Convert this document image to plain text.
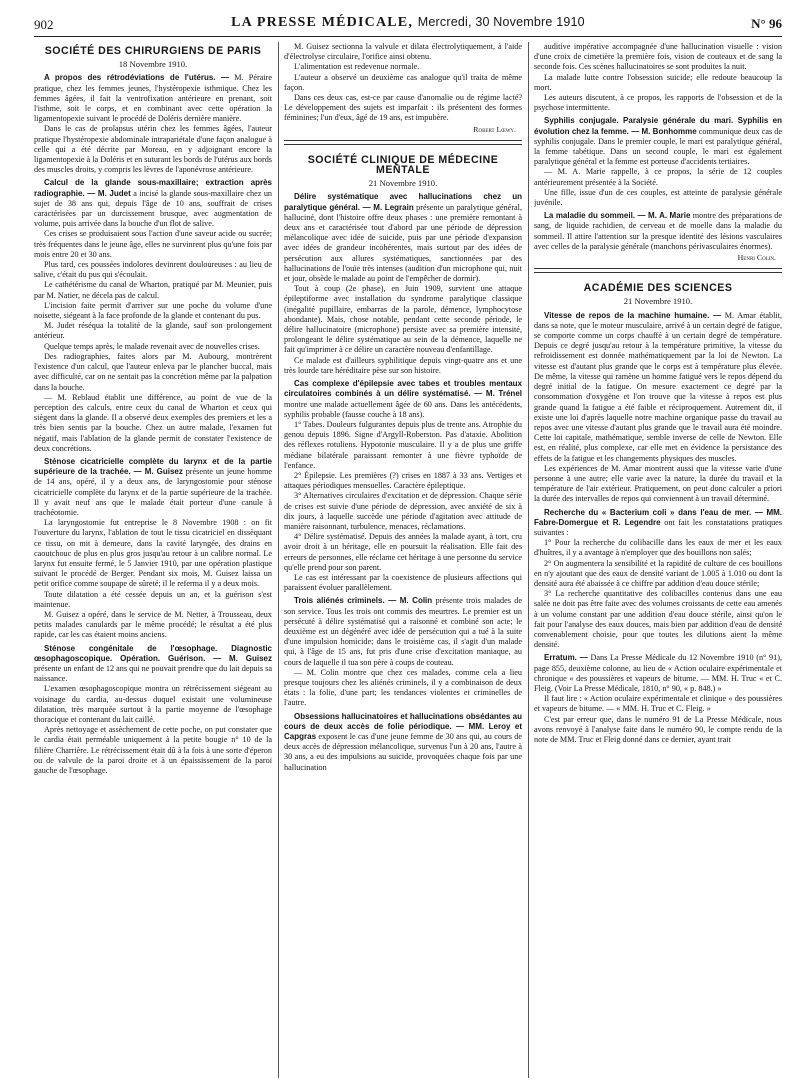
902	LA PRESSE MÉDICALE, Mercredi, 30 Novembre 1910	N° 96
SOCIÉTÉ DES CHIRURGIENS DE PARIS
18 Novembre 1910.

A propos des rétrodéviations de l'utérus. — M. Péraire pratique, chez les femmes jeunes, l'hystéropexie isthmique. Chez les femmes âgées, il fait la ventrofixation antérieure en prenant, soit l'isthme, soit le corps, et en combinant avec cette opération la ligamentopexie suivant le procédé de Doléris dernière manière.

Dans le cas de prolapsus utérin chez les femmes âgées, l'auteur pratique l'hystéropexie abdominale intrapariétale d'une façon analogue à celle qui a été décrite par Moreau, en y adjoignant encore la ligamentopexie à la Doléris et en suturant les bords de l'utérus aux bords des muscles droits, y compris les lèvres de l'aponévrose antérieure.

Calcul de la glande sous-maxillaire; extraction après radiographie. — M. Judet a incisé la glande sous-maxillaire chez un sujet de 38 ans qui, depuis l'âge de 10 ans, souffrait de crises caractérisées par un durcissement brusque, avec augmentation de volume, puis arrivée dans la bouche d'un flot de salive.

Ces crises se produisaient sous l'action d'une saveur acide ou sucrée; très fréquentes dans le jeune âge, elles ne survinrent plus qu'une fois par mois entre 20 et 30 ans.

Plus tard, ces poussées indolores devinrent douloureuses : au lieu de salive, c'était du pus qui s'écoulait.

Le cathétérisme du canal de Wharton, pratiqué par M. Meunier, puis par M. Natier, ne décela pas de calcul.

L'incision faite permit d'arriver sur une poche du volume d'une noisette, siégeant à la face profonde de la glande et contenant du pus.

M. Judet réséqua la totalité de la glande, sauf son prolongement antérieur.

Quelque temps après, le malade revenait avec de nouvelles crises.

Des radiographies, faites alors par M. Aubourg, montrèrent l'existence d'un calcul, que l'auteur enleva par le plancher buccal, mais avec difficulté, car on ne sentait pas la concrétion même par la palpation dans la bouche.

— M. Reblaud établit une différence, au point de vue de la perception des calculs, entre ceux du canal de Wharton et ceux qui siègent dans la glande. Il a observé deux exemples des premiers et les a très bien sentis par la bouche. Chez un autre malade, l'examen fut négatif, mais l'ablation de la glande permit de constater l'existence de deux concrétions.

Sténose cicatricielle complète du larynx et de la partie supérieure de la trachée. — M. Guisez présente un jeune homme de 14 ans, opéré, il y a deux ans, de laryngostomie pour sténose cicatricielle complète du larynx et de la partie supérieure de la trachée. Il y avait neuf ans que le malade était porteur d'une canule à trachéotomie.

La laryngostomie fut entreprise le 8 Novembre 1908 : on fit l'ouverture du larynx, l'ablation de tout le tissu cicatriciel en dissèquant ce tissu, on mit à demeure, dans la cavité laryngée, des drains en caoutchouc de plus en plus gros jusqu'au retour à un calibre normal. Le larynx fut ensuite fermé, le 5 Janvier 1910, par une opération plastique suivant le procédé de Berger. Pendant six mois, M. Guisez laissa un petit orifice comme soupape de sûreté; il le referma il y a deux mois.

Toute dilatation a été cessée depuis un an, et la guérison s'est maintenue.

M. Guisez a opéré, dans le service de M. Netter, à Trousseau, deux petits malades canulards par le même procédé; le résultat a été plus rapide, car les cas étaient moins anciens.

Sténose congénitale de l'œsophage. Diagnostic œsophagoscopique. Opération. Guérison. — M. Guisez présente un enfant de 12 ans qui ne pouvait prendre que du lait depuis sa naissance.

L'examen œsophagoscopique montra un rétrécissement siégeant au voisinage du cardia, au-dessus duquel existait une volumineuse dilatation, très marquée surtout à la partie moyenne de l'œsophage thoracique et contenant du lait caillé.

Après nettoyage et assèchement de cette poche, on put constater que le cardia était perméable uniquement à la petite bougie n° 10 de la filière Charrière. Le rétrécissement était dû à la fois à une sorte d'éperon ou de valvule de la paroi droite et à un épaississement de la paroi gauche de l'œsophage.

M. Guisez sectionna la valvule et dilata électrolytiquement, à l'aide d'électrolyse circulaire, l'orifice ainsi obtenu.

L'alimentation est redevenue normale.

L'auteur a observé un deuxième cas analogue qu'il traita de même façon.

Dans ces deux cas, est-ce par cause d'anomalie ou de régime lacté? Le développement des sujets est imparfait : ils présentent des formes féminines; l'un d'eux, âgé de 19 ans, est impubère.

Robert Lœwy.
SOCIÉTÉ CLINIQUE DE MÉDECINE MENTALE
21 Novembre 1910.

Délire systématique avec hallucinations chez un paralytique général. — M. Legrain présente un paralytique général, halluciné, dont l'histoire offre deux phases : une première remontant à deux ans et caractérisée tout d'abord par une période de dépression mélancolique avec idée de suicide, puis par une période d'expansion avec idées de grandeur incohérentes, mais surtout par des idées de persécution aux allures systématiques, sanctionnées par des hallucinations de l'ouïe très intenses (audition d'un microphone qui, nuit et jour, obsède le malade au point de l'empêcher de dormir).

Tout à coup (2e phase), en Juin 1909, survient une attaque épileptiforme avec installation du syndrome paralytique classique (inégalité pupillaire, embarras de la parole, démence, lymphocytose abondante). Mais, chose notable, pendant cette seconde période, le délire hallucinatoire (microphone) persiste avec sa première intensité, prolongeant le délire systématique au sein de la démence, laquelle ne fait qu'imprimer à ce délire un caractère nouveau d'enfantillage.

Ce malade est d'ailleurs syphilitique depuis vingt-quatre ans et une très lourde tare héréditaire pèse sur son histoire.

Cas complexe d'épilepsie avec tabes et troubles mentaux circulatoires combinés à un délire systématisé. — M. Trénel montre une malade actuellement âgée de 60 ans. Dans les antécédents, syphilis probable (fausse couche à 18 ans).

1° Tabes. Douleurs fulgurantes depuis plus de trente ans. Atrophie du genou depuis 1896. Signe d'Argyll-Roberston. Pas d'ataxie. Abolition des réflexes rotuliens. Hypotonie musculaire. Il y a de plus une griffe médiane bilatérale paraissant remonter à une fièvre typhoïde de l'enfance.

2° Épilepsie. Les premières (?) crises en 1887 à 33 ans. Vertiges et attaques périodiques mensuelles. Caractère épileptique.

3° Alternatives circulaires d'excitation et de dépression. Chaque série de crises est suivie d'une période de dépression, avec anxiété de six à dix jours, à laquelle succède une période d'agitation avec attitude de manière raisonnant, turbulence, menaces, réclamations.

4° Délire systématisé. Depuis des années la malade ayant, à tort, cru avoir droit à un héritage, elle en poursuit la réalisation. Elle fait des erreurs de personnes, elle réclame cet héritage à une personne du service qu'elle prend pour son parent.

Le cas est intéressant par la coexistence de plusieurs affections qui paraissent évoluer parallèlement.

Trois aliénés criminels. — M. Colin présente trois malades de son service. Tous les trois ont commis des meurtres. Le premier est un persécuté à délire systématisé qui a raisonné et combiné son acte; le deuxième est un dégénéré avec idée de persécution qui a tué à la suite d'une impulsion homicide; dans le troisième cas, il s'agit d'un malade qui, à l'âge de 15 ans, fut pris d'une crise d'excitation maniaque, au cours de laquelle il tua son père à coups de couteau.

— M. Colin montre que chez ces malades, comme cela a lieu presque toujours chez les aliénés criminels, il y a combinaison de deux états : la folie, d'une part; les tendances violentes et criminelles de l'autre.

Obsessions hallucinatoires et hallucinations obsédantes au cours de deux accès de folie périodique. — MM. Leroy et Capgras exposent le cas d'une jeune femme de 30 ans qui, au cours de deux accès de dépression mélancolique, survenus l'un à 20 ans, l'autre à 30 ans, a eu des impulsions au suicide, provoquées chaque fois par une hallucination

auditive impérative accompagnée d'une hallucination visuelle : vision d'une croix de cimetière la première fois, vision de couteaux et de sang la seconde fois. Ces scènes hallucinatoires se sont produites la nuit.

La malade lutte contre l'obsession suicide; elle redoute beaucoup la mort.

Les auteurs discutent, à ce propos, les rapports de l'obsession et de la psychose intermittente.

Syphilis conjugale. Paralysie générale du mari. Syphilis en évolution chez la femme. — M. Bonhomme communique deux cas de syphilis conjugale. Dans le premier couple, le mari est paralytique général, la femme tabétique. Dans un second couple, le mari est également paralytique général et la femme est porteuse d'accidents tertiaires.

— M. A. Marie rappelle, à ce propos, la série de 12 couples antérieurement présentée à la Société.

Une fille, issue d'un de ces couples, est atteinte de paralysie générale juvénile.

La maladie du sommeil. — M. A. Marie montre des préparations de sang, de liquide rachidien, de cerveau et de moelle dans la maladie du sommeil. Il attire l'attention sur la presque identité des lésions vasculaires avec celles de la paralysie générale (manchons périvasculaires énormes).

Henri Colin.
ACADÉMIE DES SCIENCES
21 Novembre 1910.

Vitesse de repos de la machine humaine. — M. Amar établit, dans sa note, que le moteur musculaire, arrivé à un certain degré de fatigue, se comporte comme un corps chauffé à un certain degré de température. Depuis ce degré jusqu'au retour à la température primitive, la vitesse du refroidissement est donnée mathématiquement par la loi de Newton. La vitesse est d'autant plus grande que le corps est à température plus élevée. De même, la vitesse qui ramène un homme fatigué vers le repos dépend du degré initial de la fatigue. On mesure exactement ce degré par la consommation d'oxygène et l'on trouve que la vitesse à repos est plus grande quand la fatigue a été faible et réciproquement. Autrement dit, il existe une loi d'après laquelle notre machine organique passe du travail au repos avec une vitesse d'autant plus grande que le travail aura été moindre. Cette loi capitale, mathématique, semble inverse de celle de Newton. Elle est, en réalité, plus complexe, car elle met en évidence la persistance des effets de la fatigue et les changements physiques des muscles.

Les expériences de M. Amar montrent aussi que la vitesse varie d'une personne à une autre; elle varie avec la nature, la durée du travail et la température de l'air extérieur. Pratiquement, on peut donc calculer a priori la durée des intervalles de repos qui conviennent à un travail déterminé.

Recherche du « Bacterium coli » dans l'eau de mer. — MM. Fabre-Domergue et R. Legendre ont fait les constatations pratiques suivantes :

1° Pour la recherche du colibacille dans les eaux de mer et les eaux d'huîtres, il y a avantage à n'employer que des bouillons non salés;

2° On augmentera la sensibilité et la rapidité de culture de ces bouillons en n'y ajoutant que des eaux de densité variant de 1.005 à 1.010 ou dont la densité aura été abaissée à ce chiffre par addition d'eau douce stérile;

3° La recherche quantitative des colibacilles contenus dans une eau salée ne doit pas être faite avec des volumes croissants de cette eau amenés à un volume constant par une addition d'eau douce stérile, ainsi qu'on le fait pour l'analyse des eaux douces, mais bien par addition d'eau de densité convenablement choisie, pour que toutes les dilutions aient la même densité.

Erratum. — Dans La Presse Médicale du 12 Novembre 1910 (n° 91), page 855, deuxième colonne, au lieu de « Action oculaire expérimentale et chronique « des poussières et vapeurs de bitume. — MM. H. Truc « et C. Fleig. (Voir La Presse Médicale, 1810, n° 90, « p. 848.) »

Il faut lire : « Action oculaire expérimentale et clinique « des poussières et vapeurs de bitume. — « MM. H. Truc et C. Fleig. »

C'est par erreur que, dans le numéro 91 de La Presse Médicale, nous avons renvoyé à l'analyse faite dans le numéro 90, le compte rendu de la note de MM. Truc et Fleig donné dans ce dernier, ayant trait
